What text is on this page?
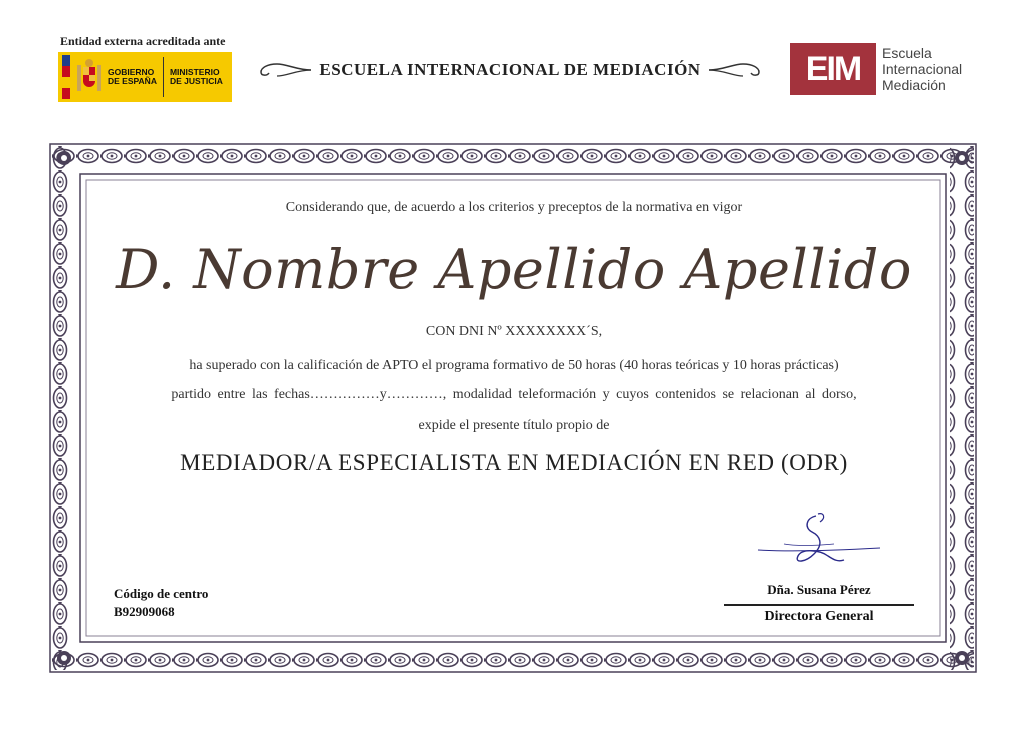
Entidad externa acreditada ante
GOBIERNO
DE ESPAÑA
MINISTERIO
DE JUSTICIA
ESCUELA INTERNACIONAL DE MEDIACIÓN	EIM	Escuela
Internacional
Mediación
Considerando que, de acuerdo a los criterios y preceptos de la normativa en vigor
D. Nombre Apellido Apellido
CON DNI Nº XXXXXXXX´S,
ha superado con la calificación de APTO el programa formativo de 50 horas (40 horas teóricas y 10 horas prácticas)
partido entre las fechas……………y…………, modalidad teleformación y cuyos contenidos se relacionan al dorso,
expide el presente título propio de
MEDIADOR/A ESPECIALISTA EN MEDIACIÓN EN RED (ODR)
Código de centro
B92909068
Dña. Susana Pérez
Directora General
